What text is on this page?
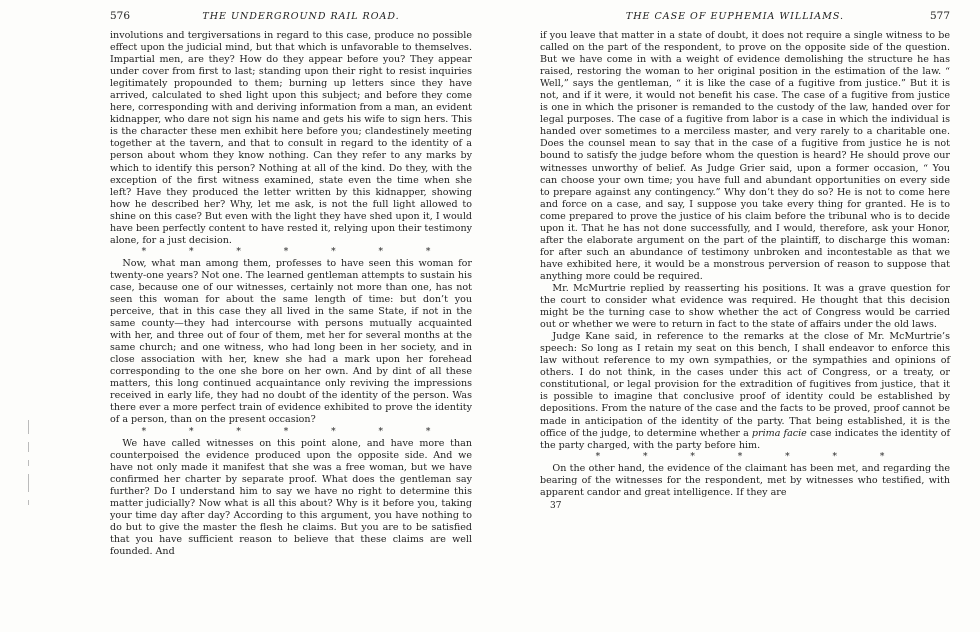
576	THE UNDERGROUND RAIL ROAD.

involutions and tergiversations in regard to this case, produce no possible effect upon the judicial mind, but that which is unfavorable to themselves. Impartial men, are they? How do they appear before you? They appear under cover from first to last; standing upon their right to resist inquiries legitimately propounded to them; burning up letters since they have arrived, calculated to shed light upon this subject; and before they come here, corresponding with and deriving information from a man, an evident kidnapper, who dare not sign his name and gets his wife to sign hers. This is the character these men exhibit here before you; clandestinely meeting together at the tavern, and that to consult in regard to the identity of a person about whom they know nothing. Can they refer to any marks by which to identify this person? Nothing at all of the kind. Do they, with the exception of the first witness examined, state even the time when she left? Have they produced the letter written by this kidnapper, showing how he described her? Why, let me ask, is not the full light allowed to shine on this case? But even with the light they have shed upon it, I would have been perfectly content to have rested it, relying upon their testimony alone, for a just decision.

* * * * * * *

Now, what man among them, professes to have seen this woman for twenty-one years? Not one. The learned gentleman attempts to sustain his case, because one of our witnesses, certainly not more than one, has not seen this woman for about the same length of time: but don’t you perceive, that in this case they all lived in the same State, if not in the same county—they had intercourse with persons mutually acquainted with her, and three out of four of them, met her for several months at the same church; and one witness, who had long been in her society, and in close association with her, knew she had a mark upon her forehead corresponding to the one she bore on her own. And by dint of all these matters, this long continued acquaintance only reviving the impressions received in early life, they had no doubt of the identity of the person. Was there ever a more perfect train of evidence exhibited to prove the identity of a person, than on the present occasion?

* * * * * * *

We have called witnesses on this point alone, and have more than counterpoised the evidence produced upon the opposite side. And we have not only made it manifest that she was a free woman, but we have confirmed her charter by separate proof. What does the gentleman say further? Do I understand him to say we have no right to determine this matter judicially? Now what is all this about? Why is it before you, taking your time day after day? According to this argument, you have nothing to do but to give the master the flesh he claims. But you are to be satisfied that you have sufficient reason to believe that these claims are well founded. And

THE CASE OF EUPHEMIA WILLIAMS.	577

if you leave that matter in a state of doubt, it does not require a single witness to be called on the part of the respondent, to prove on the opposite side of the question. But we have come in with a weight of evidence demolishing the structure he has raised, restoring the woman to her original position in the estimation of the law. “ Well,” says the gentleman, “ it is like the case of a fugitive from justice.” But it is not, and if it were, it would not benefit his case. The case of a fugitive from justice is one in which the prisoner is remanded to the custody of the law, handed over for legal purposes. The case of a fugitive from labor is a case in which the individual is handed over sometimes to a merciless master, and very rarely to a charitable one. Does the counsel mean to say that in the case of a fugitive from justice he is not bound to satisfy the judge before whom the question is heard? He should prove our witnesses unworthy of belief. As Judge Grier said, upon a former occasion, “ You can choose your own time; you have full and abundant opportunities on every side to prepare against any contingency.” Why don’t they do so? He is not to come here and force on a case, and say, I suppose you take every thing for granted. He is to come prepared to prove the justice of his claim before the tribunal who is to decide upon it. That he has not done successfully, and I would, therefore, ask your Honor, after the elaborate argument on the part of the plaintiff, to discharge this woman: for after such an abundance of testimony unbroken and incontestable as that we have exhibited here, it would be a monstrous perversion of reason to suppose that anything more could be required.

Mr. McMurtrie replied by reasserting his positions. It was a grave question for the court to consider what evidence was required. He thought that this decision might be the turning case to show whether the act of Congress would be carried out or whether we were to return in fact to the state of affairs under the old laws.

Judge Kane said, in reference to the remarks at the close of Mr. McMurtrie’s speech: So long as I retain my seat on this bench, I shall endeavor to enforce this law without reference to my own sympathies, or the sympathies and opinions of others. I do not think, in the cases under this act of Congress, or a treaty, or constitutional, or legal provision for the extradition of fugitives from justice, that it is possible to imagine that conclusive proof of identity could be established by depositions. From the nature of the case and the facts to be proved, proof cannot be made in anticipation of the identity of the party. That being established, it is the office of the judge, to determine whether a prima facie case indicates the identity of the party charged, with the party before him.

* * * * * * *

On the other hand, the evidence of the claimant has been met, and regarding the bearing of the witnesses for the respondent, met by witnesses who testified, with apparent candor and great intelligence. If they are

37
